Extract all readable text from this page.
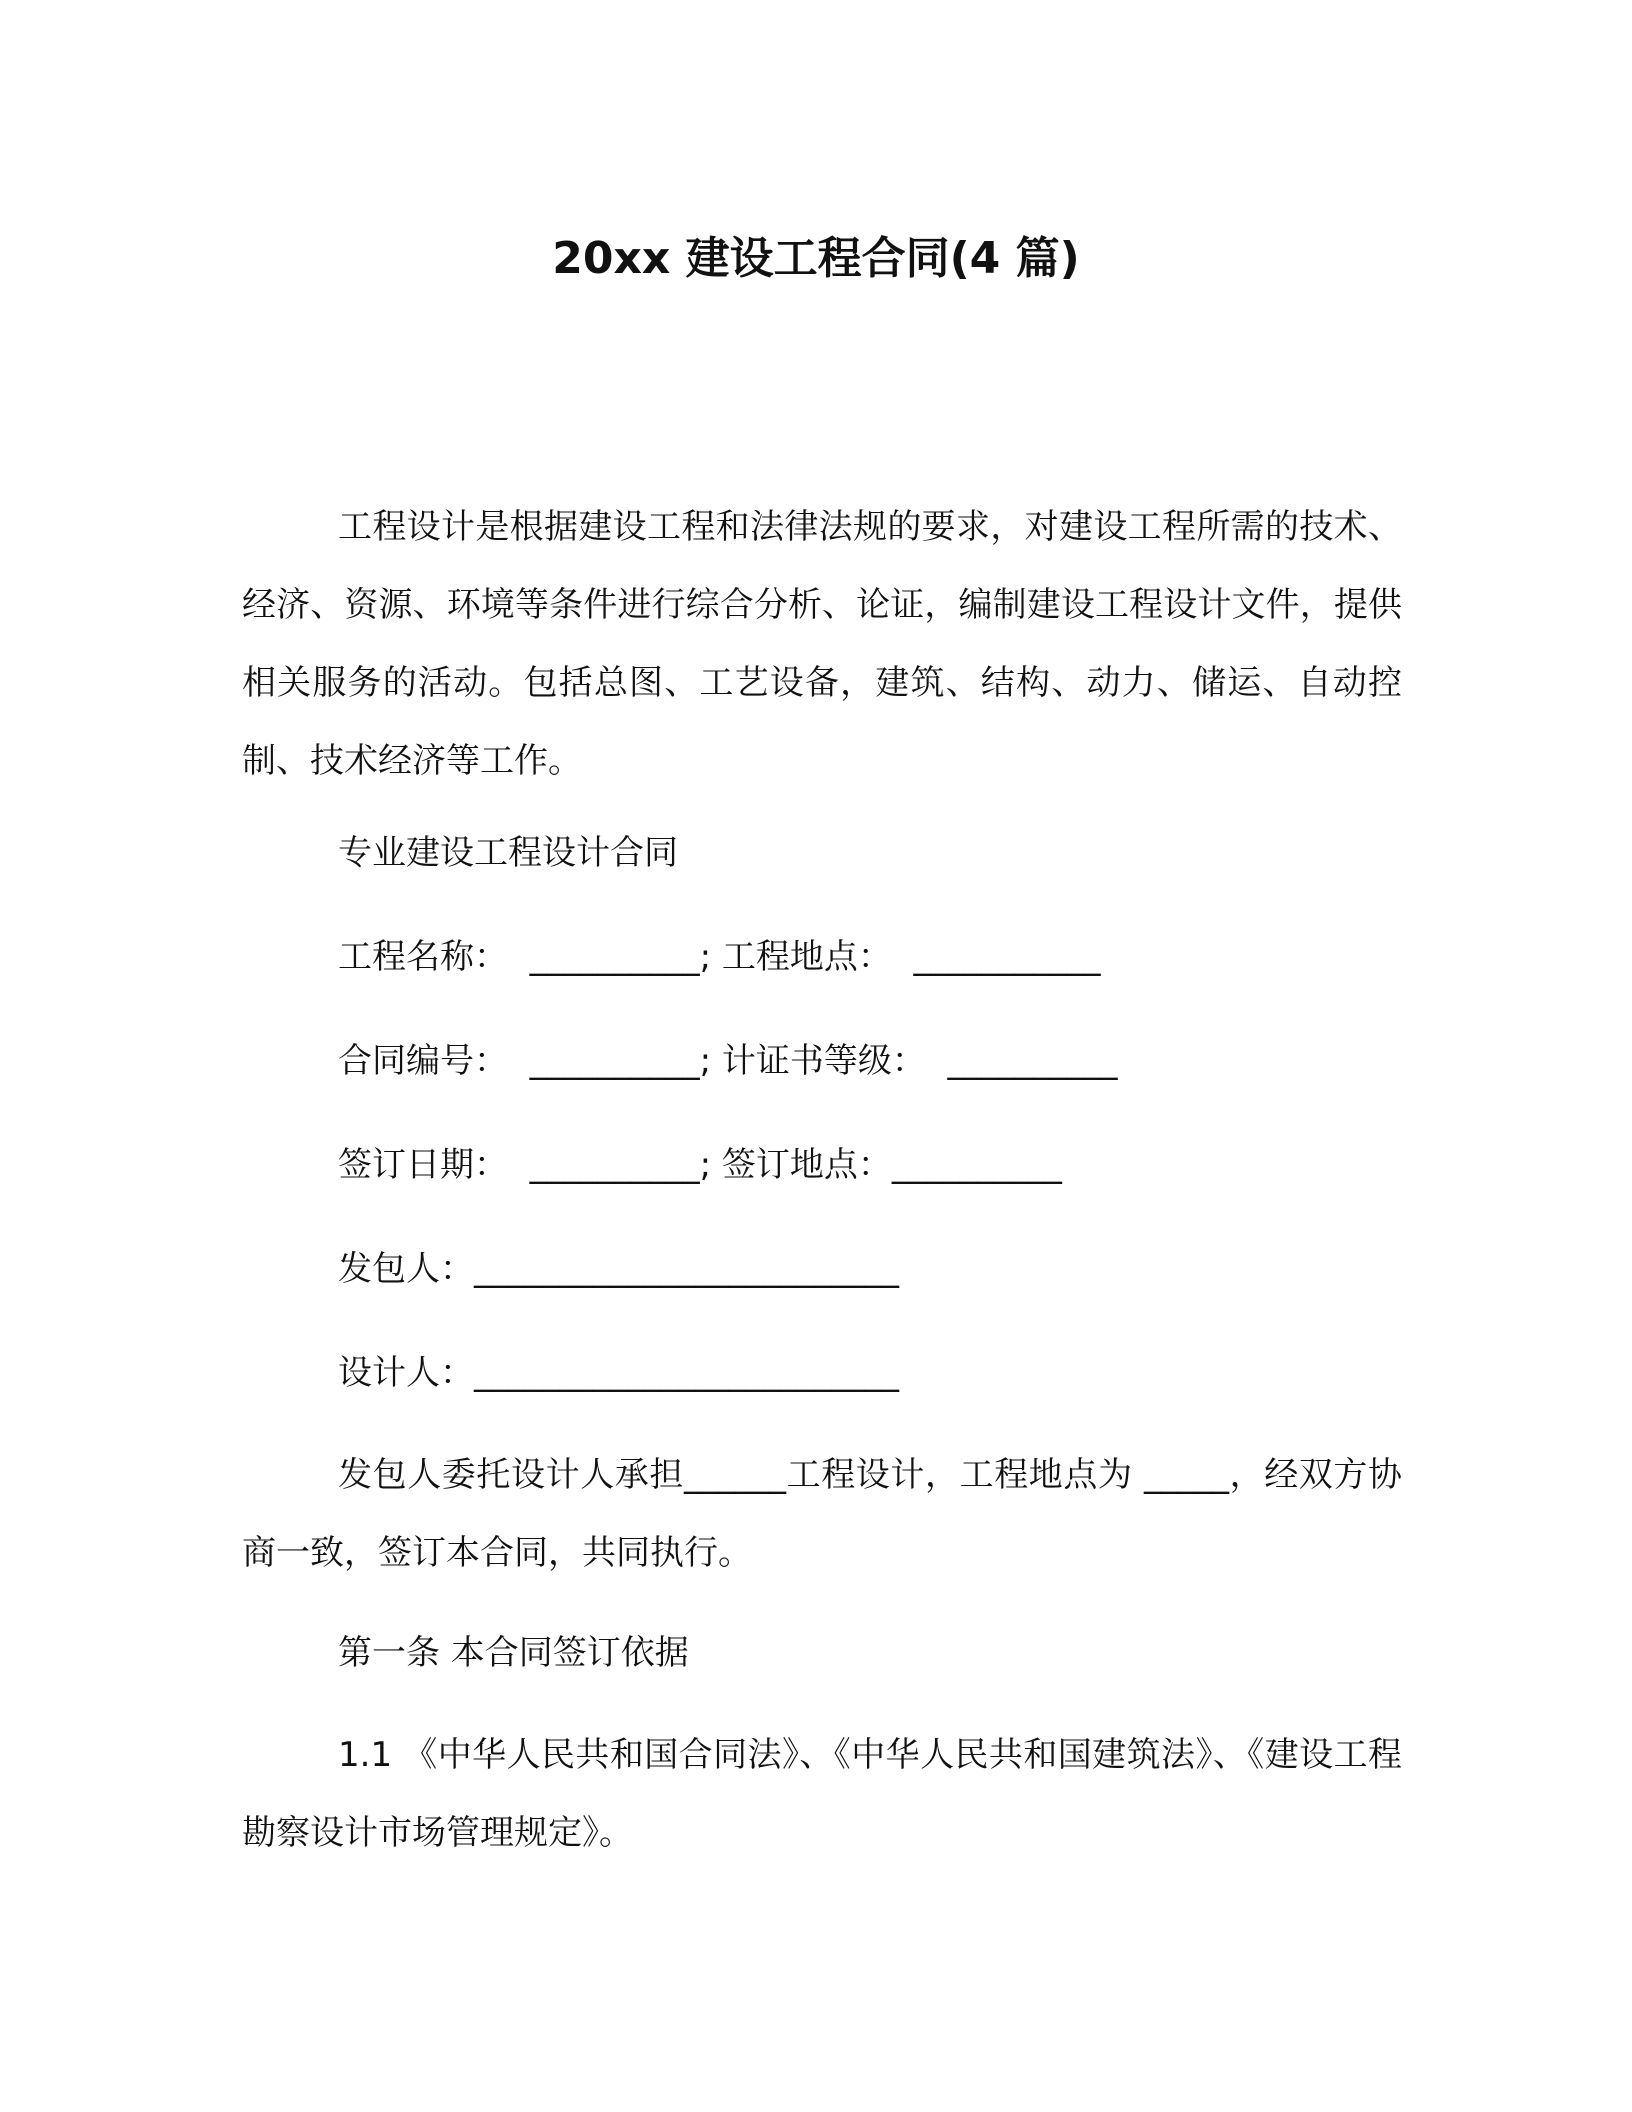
20xx 建设工程合同(4 篇)
工程设计是根据建设工程和法律法规的要求，对建设工程所需的技术、经济、资源、环境等条件进行综合分析、论证，编制建设工程设计文件，提供相关服务的活动。包括总图、工艺设备，建筑、结构、动力、储运、自动控制、技术经济等工作。
专业建设工程设计合同
工程名称：  __________; 工程地点：  ___________
合同编号：  __________; 计证书等级：  __________
签订日期：  __________; 签订地点：__________
发包人：_________________________
设计人：_________________________
发包人委托设计人承担______工程设计，工程地点为 _____，经双方协商一致，签订本合同，共同执行。
第一条 本合同签订依据
1.1 《中华人民共和国合同法》、《中华人民共和国建筑法》、《建设工程勘察设计市场管理规定》。
